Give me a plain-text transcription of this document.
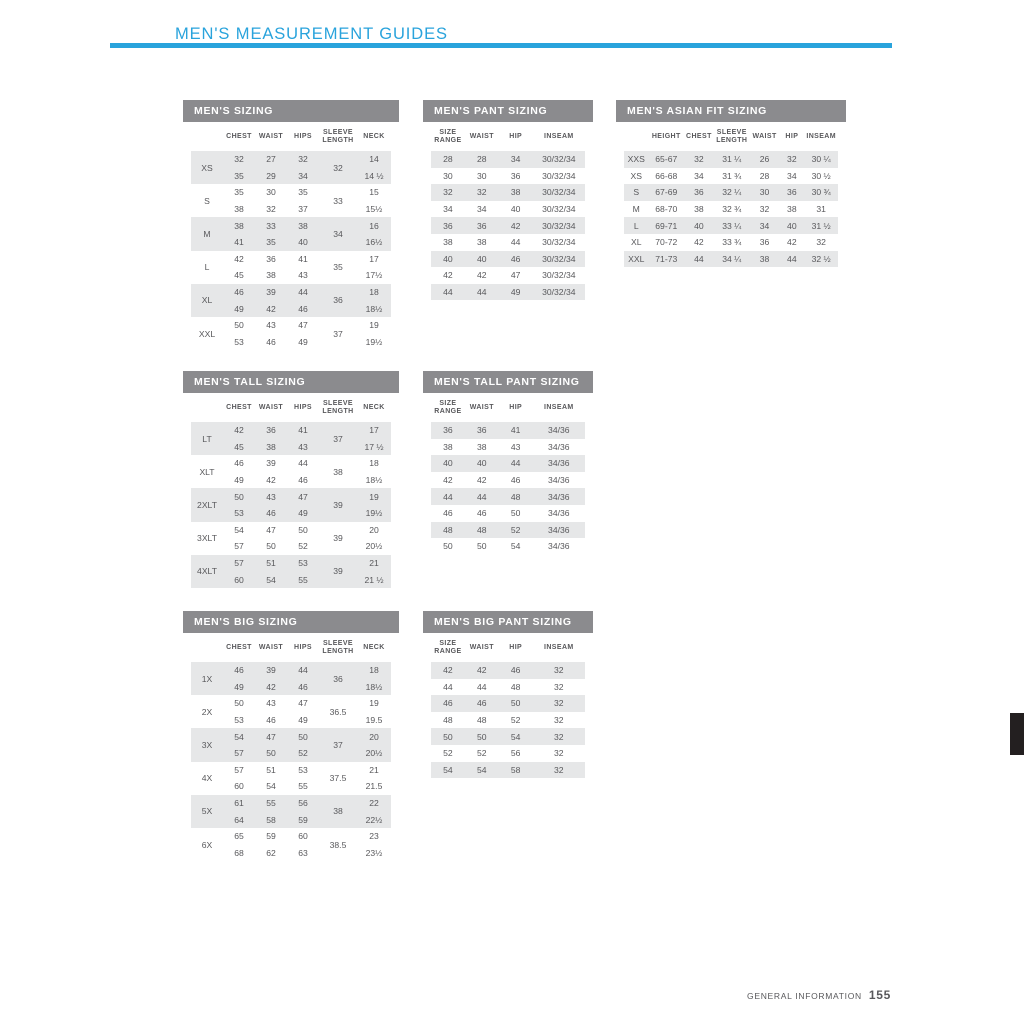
MEN'S MEASUREMENT GUIDES
MEN'S SIZING
	CHEST	WAIST	HIPS	SLEEVE LENGTH	NECK
XS	32	27	32	32	14
	35	29	34		14 ½
S	35	30	35	33	15
	38	32	37		15½
M	38	33	38	34	16
	41	35	40		16½
L	42	36	41	35	17
	45	38	43		17½
XL	46	39	44	36	18
	49	42	46		18½
XXL	50	43	47	37	19
	53	46	49		19½
MEN'S PANT SIZING
SIZE RANGE	WAIST	HIP	INSEAM
28	28	34	30/32/34
30	30	36	30/32/34
32	32	38	30/32/34
34	34	40	30/32/34
36	36	42	30/32/34
38	38	44	30/32/34
40	40	46	30/32/34
42	42	47	30/32/34
44	44	49	30/32/34
MEN'S ASIAN FIT SIZING
	HEIGHT	CHEST	SLEEVE LENGTH	WAIST	HIP	INSEAM
XXS	65-67	32	31 ¼	26	32	30 ¼
XS	66-68	34	31 ¾	28	34	30 ½
S	67-69	36	32 ¼	30	36	30 ¾
M	68-70	38	32 ¾	32	38	31
L	69-71	40	33 ¼	34	40	31 ½
XL	70-72	42	33 ¾	36	42	32
XXL	71-73	44	34 ¼	38	44	32 ½
MEN'S TALL SIZING
	CHEST	WAIST	HIPS	SLEEVE LENGTH	NECK
LT	42	36	41	37	17
	45	38	43		17 ½
XLT	46	39	44	38	18
	49	42	46		18½
2XLT	50	43	47	39	19
	53	46	49		19½
3XLT	54	47	50	39	20
	57	50	52		20½
4XLT	57	51	53	39	21
	60	54	55		21 ½
MEN'S TALL PANT SIZING
SIZE RANGE	WAIST	HIP	INSEAM
36	36	41	34/36
38	38	43	34/36
40	40	44	34/36
42	42	46	34/36
44	44	48	34/36
46	46	50	34/36
48	48	52	34/36
50	50	54	34/36
MEN'S BIG SIZING
	CHEST	WAIST	HIPS	SLEEVE LENGTH	NECK
1X	46	39	44	36	18
	49	42	46		18½
2X	50	43	47	36.5	19
	53	46	49		19.5
3X	54	47	50	37	20
	57	50	52		20½
4X	57	51	53	37.5	21
	60	54	55		21.5
5X	61	55	56	38	22
	64	58	59		22½
6X	65	59	60	38.5	23
	68	62	63		23½
MEN'S BIG PANT SIZING
SIZE RANGE	WAIST	HIP	INSEAM
42	42	46	32
44	44	48	32
46	46	50	32
48	48	52	32
50	50	54	32
52	52	56	32
54	54	58	32
GENERAL INFORMATION 155
